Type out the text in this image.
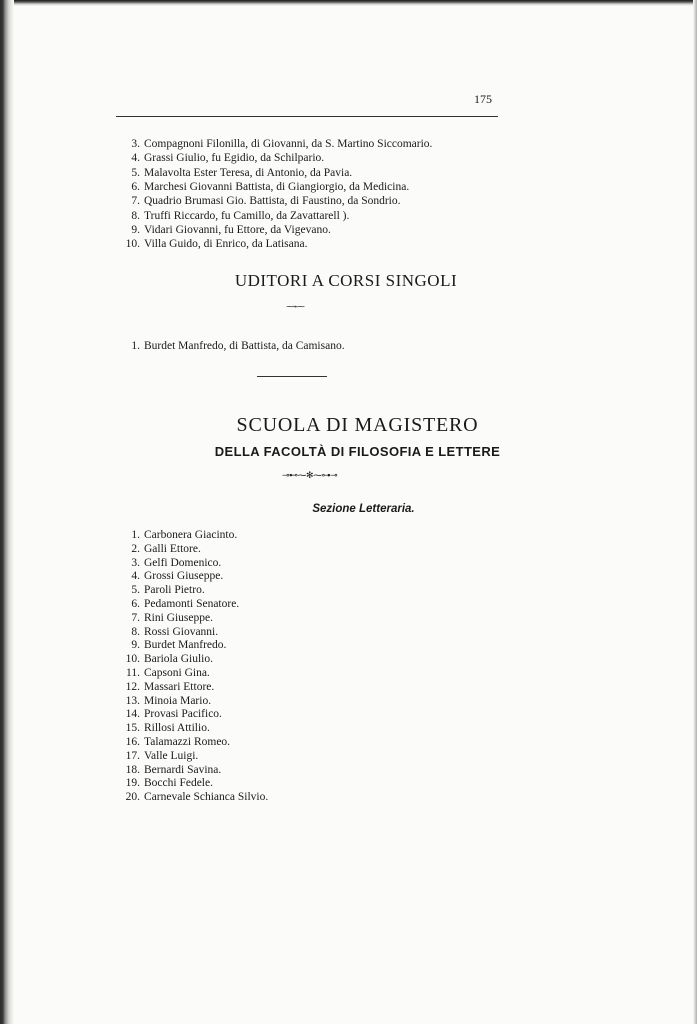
175
3. Compagnoni Filonilla, di Giovanni, da S. Martino Siccomario.
4. Grassi Giulio, fu Egidio, da Schilpario.
5. Malavolta Ester Teresa, di Antonio, da Pavia.
6. Marchesi Giovanni Battista, di Giangiorgio, da Medicina.
7. Quadrio Brumasi Gio. Battista, di Faustino, da Sondrio.
8. Truffi Riccardo, fu Camillo, da Zavattarell ).
9. Vidari Giovanni, fu Ettore, da Vigevano.
10. Villa Guido, di Enrico, da Latisana.
UDITORI A CORSI SINGOLI
⁓⌁⁓
1. Burdet Manfredo, di Battista, da Camisano.
SCUOLA DI MAGISTERO
DELLA FACOLTÀ DI FILOSOFIA E LETTERE
⊸⊷⁓✻⁓⊶⊸
Sezione Letteraria.
1. Carbonera Giacinto.
2. Galli Ettore.
3. Gelfi Domenico.
4. Grossi Giuseppe.
5. Paroli Pietro.
6. Pedamonti Senatore.
7. Rini Giuseppe.
8. Rossi Giovanni.
9. Burdet Manfredo.
10. Bariola Giulio.
11. Capsoni Gina.
12. Massari Ettore.
13. Minoia Mario.
14. Provasi Pacifico.
15. Rillosi Attilio.
16. Talamazzi Romeo.
17. Valle Luigi.
18. Bernardi Savina.
19. Bocchi Fedele.
20. Carnevale Schianca Silvio.
